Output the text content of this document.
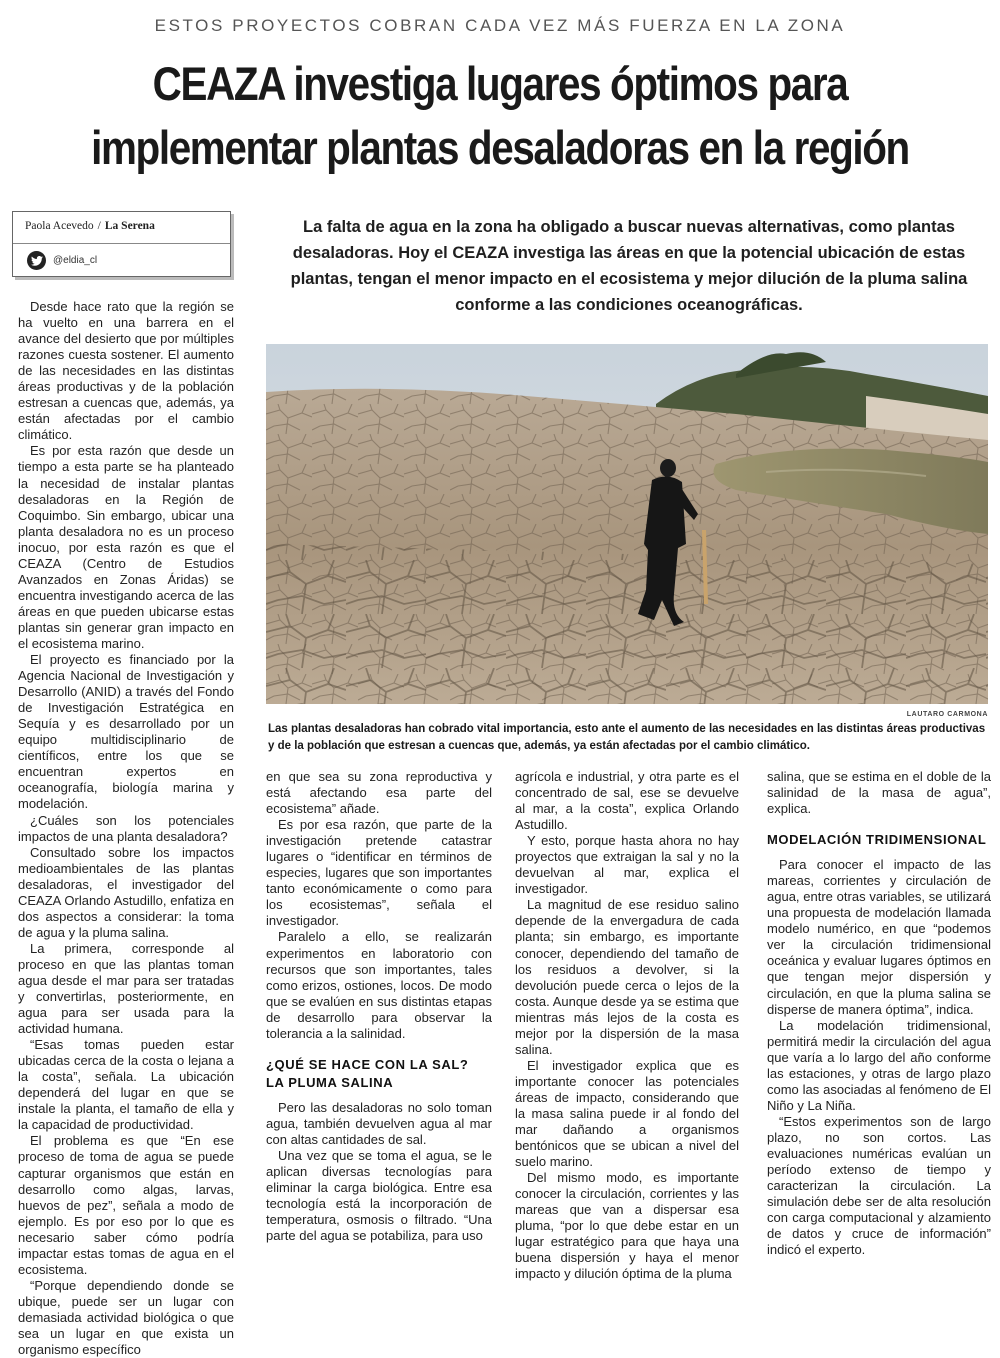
ESTOS PROYECTOS COBRAN CADA VEZ MÁS FUERZA EN LA ZONA
CEAZA investiga lugares óptimos para
implementar plantas desaladoras en la región
Paola Acevedo / La Serena
@eldia_cl

La falta de agua en la zona ha obligado a buscar nuevas alternativas, como plantas desaladoras. Hoy el CEAZA investiga las áreas en que la potencial ubicación de estas plantas, tengan el menor impacto en el ecosistema y mejor dilución de la pluma salina conforme a las condiciones oceanográficas.

LAUTARO CARMONA

Las plantas desaladoras han cobrado vital importancia, esto ante el aumento de las necesidades en las distintas áreas productivas y de la población que estresan a cuencas que, además, ya están afectadas por el cambio climático.

Desde hace rato que la región se ha vuelto en una barrera en el avance del desierto que por múltiples razones cuesta sostener. El aumento de las necesidades en las distintas áreas productivas y de la población estresan a cuencas que, además, ya están afectadas por el cambio climático.

Es por esta razón que desde un tiempo a esta parte se ha planteado la necesidad de instalar plantas desaladoras en la Región de Coquimbo. Sin embargo, ubicar una planta desaladora no es un proceso inocuo, por esta razón es que el CEAZA (Centro de Estudios Avanzados en Zonas Áridas) se encuentra investigando acerca de las áreas en que pueden ubicarse estas plantas sin generar gran impacto en el ecosistema marino.

El proyecto es financiado por la Agencia Nacional de Investigación y Desarrollo (ANID) a través del Fondo de Investigación Estratégica en Sequía y es desarrollado por un equipo multidisciplinario de científicos, entre los que se encuentran expertos en oceanografía, biología marina y modelación.

¿Cuáles son los potenciales impactos de una planta desaladora?

Consultado sobre los impactos medioambientales de las plantas desaladoras, el investigador del CEAZA Orlando Astudillo, enfatiza en dos aspectos a considerar: la toma de agua y la pluma salina.

La primera, corresponde al proceso en que las plantas toman agua desde el mar para ser tratadas y convertirlas, posteriormente, en agua para ser usada para la actividad humana.

“Esas tomas pueden estar ubicadas cerca de la costa o lejana a la costa”, señala. La ubicación dependerá del lugar en que se instale la planta, el tamaño de ella y la capacidad de productividad.

El problema es que “En ese proceso de toma de agua se puede capturar organismos que están en desarrollo como algas, larvas, huevos de pez”, señala a modo de ejemplo. Es por eso por lo que es necesario saber cómo podría impactar estas tomas de agua en el ecosistema.

“Porque dependiendo donde se ubique, puede ser un lugar con demasiada actividad biológica o que sea un lugar en que exista un organismo específico

en que sea su zona reproductiva y está afectando esa parte del ecosistema” añade.

Es por esa razón, que parte de la investigación pretende catastrar lugares o “identificar en términos de especies, lugares que son importantes tanto económicamente o como para los ecosistemas”, señala el investigador.

Paralelo a ello, se realizarán experimentos en laboratorio con recursos que son importantes, tales como erizos, ostiones, locos. De modo que se evalúen en sus distintas etapas de desarrollo para observar la tolerancia a la salinidad.

¿QUÉ SE HACE CON LA SAL?
LA PLUMA SALINA

Pero las desaladoras no solo toman agua, también devuelven agua al mar con altas cantidades de sal.

Una vez que se toma el agua, se le aplican diversas tecnologías para eliminar la carga biológica. Entre esa tecnología está la incorporación de temperatura, osmosis o filtrado. “Una parte del agua se potabiliza, para uso

agrícola e industrial, y otra parte es el concentrado de sal, ese se devuelve al mar, a la costa”, explica Orlando Astudillo.

Y esto, porque hasta ahora no hay proyectos que extraigan la sal y no la devuelvan al mar, explica el investigador.

La magnitud de ese residuo salino depende de la envergadura de cada planta; sin embargo, es importante conocer, dependiendo del tamaño de los residuos a devolver, si la devolución puede cerca o lejos de la costa. Aunque desde ya se estima que mientras más lejos de la costa es mejor por la dispersión de la masa salina.

El investigador explica que es importante conocer las potenciales áreas de impacto, considerando que la masa salina puede ir al fondo del mar dañando a organismos bentónicos que se ubican a nivel del suelo marino.

Del mismo modo, es importante conocer la circulación, corrientes y las mareas que van a dispersar esa pluma, “por lo que debe estar en un lugar estratégico para que haya una buena dispersión y haya el menor impacto y dilución óptima de la pluma

salina, que se estima en el doble de la salinidad de la masa de agua”, explica.

MODELACIÓN TRIDIMENSIONAL

Para conocer el impacto de las mareas, corrientes y circulación de agua, entre otras variables, se utilizará una propuesta de modelación llamada modelo numérico, en que “podemos ver la circulación tridimensional oceánica y evaluar lugares óptimos en que tengan mejor dispersión y circulación, en que la pluma salina se disperse de manera óptima”, indica.

La modelación tridimensional, permitirá medir la circulación del agua que varía a lo largo del año conforme las estaciones, y otras de largo plazo como las asociadas al fenómeno de El Niño y La Niña.

“Estos experimentos son de largo plazo, no son cortos. Las evaluaciones numéricas evalúan un período extenso de tiempo y caracterizan la circulación. La simulación debe ser de alta resolución con carga computacional y alzamiento de datos y cruce de información” indicó el experto.
